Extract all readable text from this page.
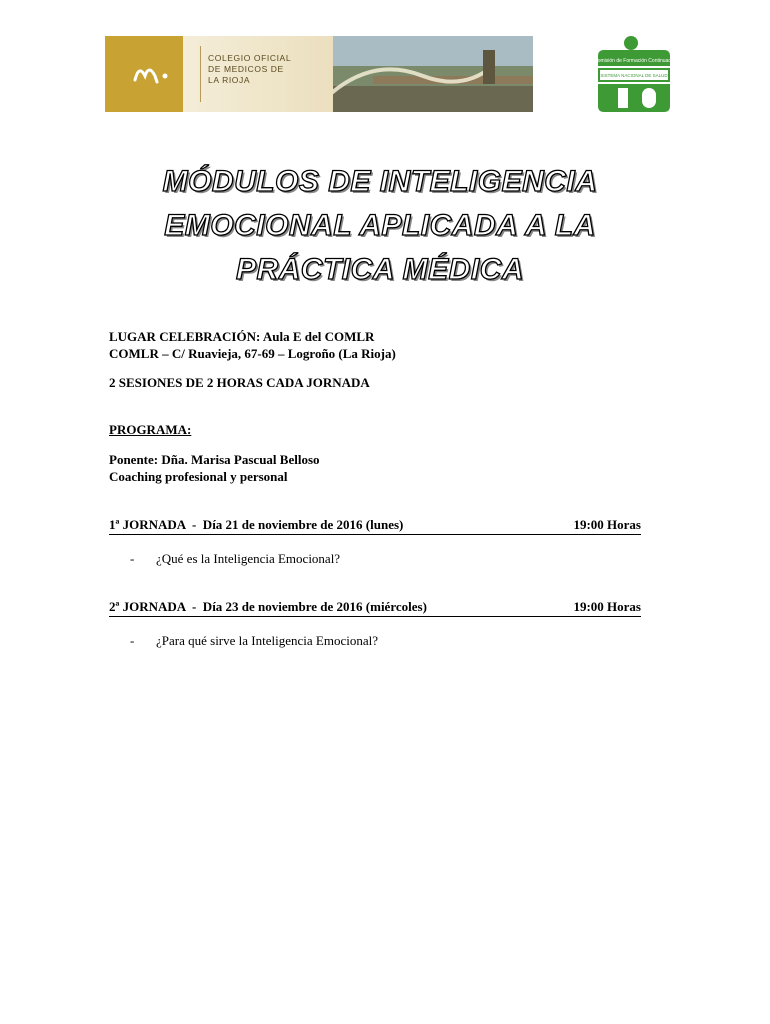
COLEGIO OFICIAL
DE MEDICOS DE
LA RIOJA
Comisión de Formación Continuada
SISTEMA NACIONAL DE SALUD
MÓDULOS DE INTELIGENCIA
EMOCIONAL APLICADA A LA
PRÁCTICA MÉDICA
LUGAR CELEBRACIÓN: Aula E del COMLR
COMLR – C/ Ruavieja, 67-69 – Logroño (La Rioja)
2 SESIONES DE 2 HORAS CADA JORNADA
PROGRAMA:
Ponente: Dña. Marisa Pascual Belloso
Coaching profesional y personal
1ª JORNADA  -  Día 21 de noviembre de 2016 (lunes)	19:00 Horas
- ¿Qué es la Inteligencia Emocional?
2ª JORNADA  -  Día 23 de noviembre de 2016 (miércoles)	19:00 Horas
- ¿Para qué sirve la Inteligencia Emocional?
